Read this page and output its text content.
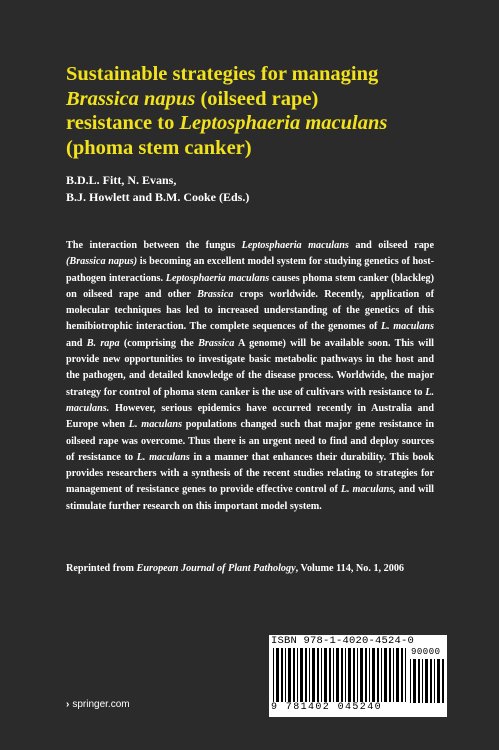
Sustainable strategies for managing
Brassica napus (oilseed rape)
resistance to Leptosphaeria maculans
(phoma stem canker)
B.D.L. Fitt, N. Evans,
B.J. Howlett and B.M. Cooke (Eds.)
The interaction between the fungus Leptosphaeria maculans and oilseed rape (Brassica napus) is becoming an excellent model system for studying genetics of host-pathogen interactions. Leptosphaeria maculans causes phoma stem canker (blackleg) on oilseed rape and other Brassica crops worldwide. Recently, application of molecular techniques has led to increased understanding of the genetics of this hemibiotrophic interaction. The complete sequences of the genomes of L. maculans and B. rapa (comprising the Brassica A genome) will be available soon. This will provide new opportunities to investigate basic metabolic pathways in the host and the pathogen, and detailed knowledge of the disease process. Worldwide, the major strategy for control of phoma stem canker is the use of cultivars with resistance to L. maculans. However, serious epidemics have occurred recently in Australia and Europe when L. maculans populations changed such that major gene resistance in oilseed rape was overcome. Thus there is an urgent need to find and deploy sources of resistance to L. maculans in a manner that enhances their durability. This book provides researchers with a synthesis of the recent studies relating to strategies for management of resistance genes to provide effective control of L. maculans, and will stimulate further research on this important model system.
Reprinted from European Journal of Plant Pathology, Volume 114, No. 1, 2006
ISBN 978-1-4020-4524-0
90000
9 781402 045240
› springer.com
